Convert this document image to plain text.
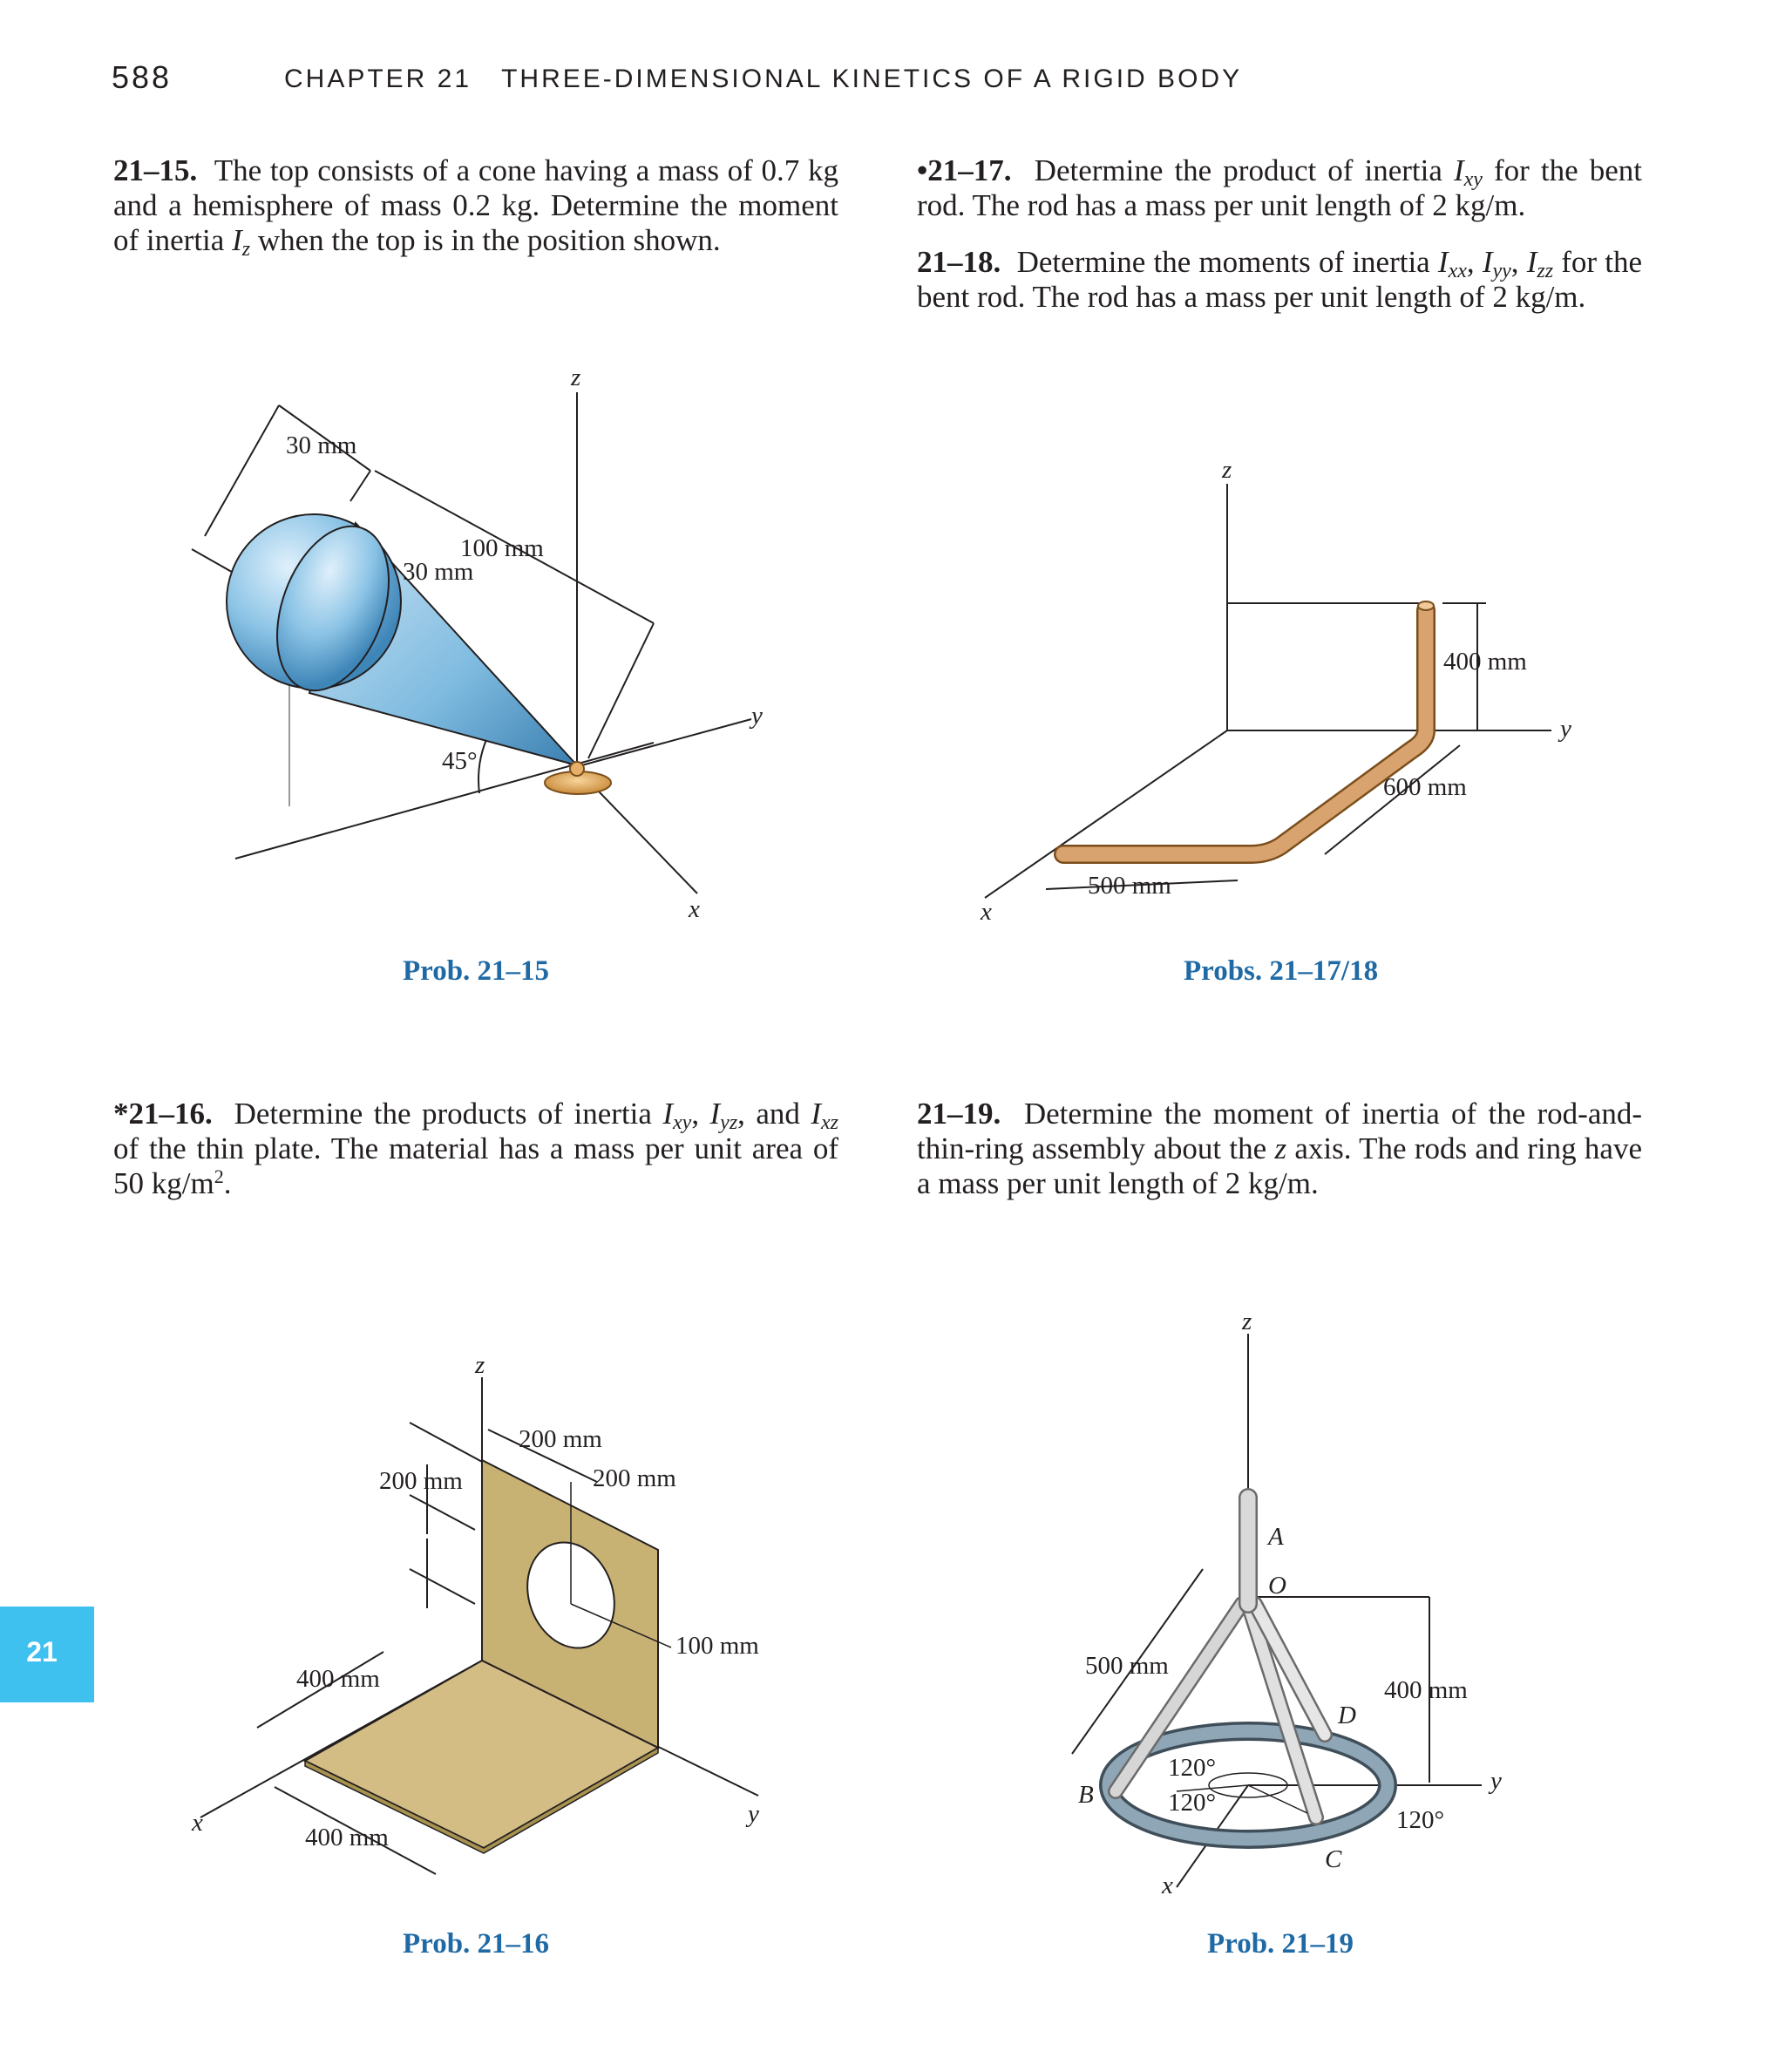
588	CHAPTER 21 THREE-DIMENSIONAL KINETICS OF A RIGID BODY
21–15. The top consists of a cone having a mass of 0.7 kg and a hemisphere of mass 0.2 kg. Determine the moment of inertia $I_z$ when the top is in the position shown.
•21–17. Determine the product of inertia $I_{xy}$ for the bent rod. The rod has a mass per unit length of 2 kg/m.
21–18. Determine the moments of inertia $I_{xx}$, $I_{yy}$, $I_{zz}$ for the bent rod. The rod has a mass per unit length of 2 kg/m.
30 mm
30 mm
100 mm
45°
z
y
x
Prob. 21–15
400 mm
600 mm
500 mm
z
y
x
Probs. 21–17/18
*21–16. Determine the products of inertia $I_{xy}$, $I_{yz}$, and $I_{xz}$ of the thin plate. The material has a mass per unit area of 50 $kg/m^2$.
21–19. Determine the moment of inertia of the rod-and-thin-ring assembly about the z axis. The rods and ring have a mass per unit length of 2 kg/m.
200 mm
200 mm
200 mm
100 mm
400 mm
400 mm
z
y
x
Prob. 21–16
500 mm
400 mm
120°
120°
120°
A
O
B
C
D
z
y
x
Prob. 21–19
21
